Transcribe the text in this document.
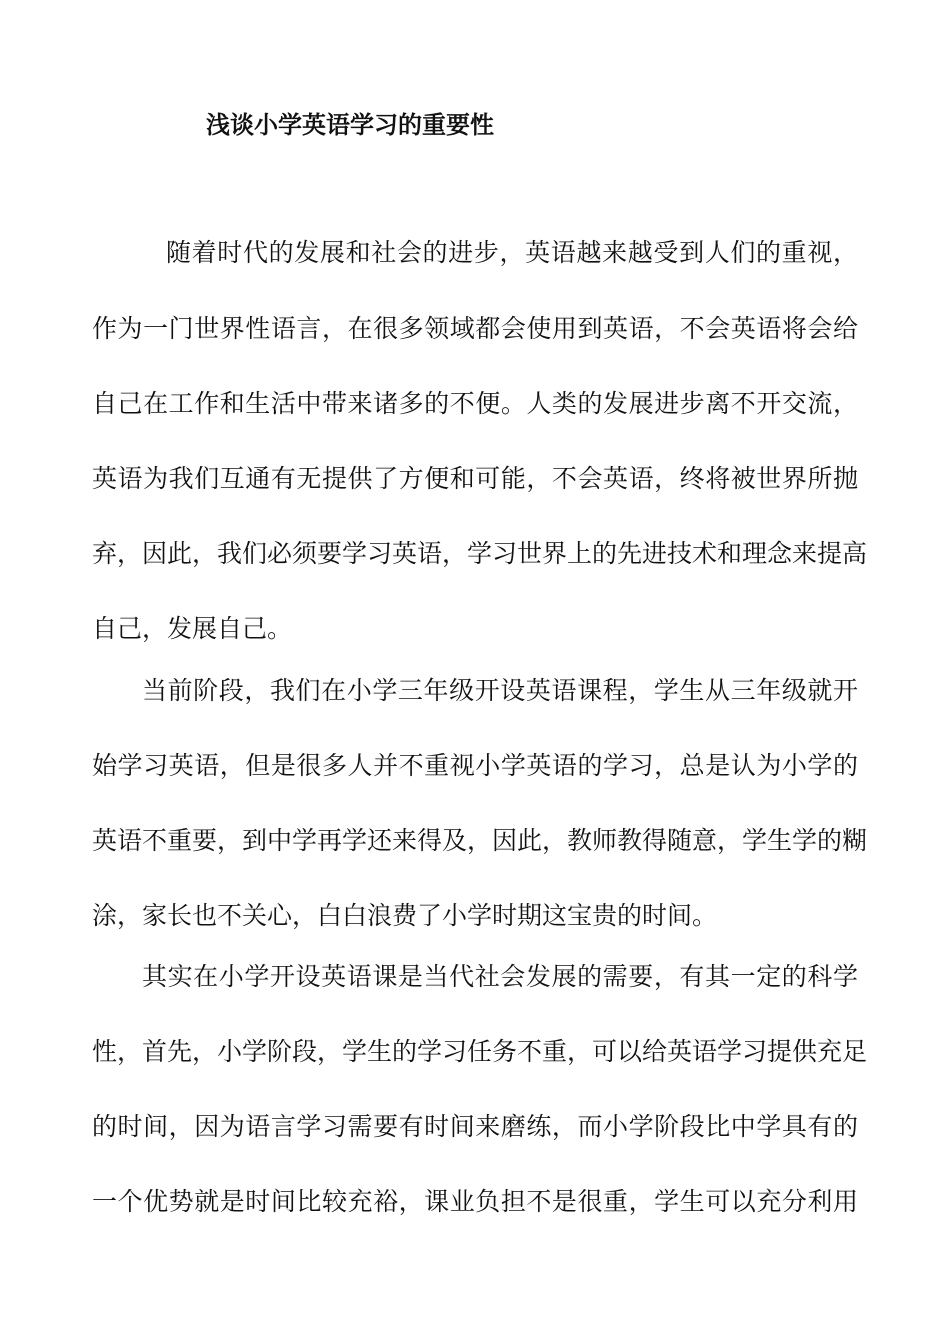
浅谈小学英语学习的重要性
随着时代的发展和社会的进步，英语越来越受到人们的重视，
作为一门世界性语言，在很多领域都会使用到英语，不会英语将会给
自己在工作和生活中带来诸多的不便。人类的发展进步离不开交流，
英语为我们互通有无提供了方便和可能，不会英语，终将被世界所抛
弃，因此，我们必须要学习英语，学习世界上的先进技术和理念来提高
自己，发展自己。
当前阶段，我们在小学三年级开设英语课程，学生从三年级就开
始学习英语，但是很多人并不重视小学英语的学习，总是认为小学的
英语不重要，到中学再学还来得及，因此，教师教得随意，学生学的糊
涂，家长也不关心，白白浪费了小学时期这宝贵的时间。
其实在小学开设英语课是当代社会发展的需要，有其一定的科学
性，首先，小学阶段，学生的学习任务不重，可以给英语学习提供充足
的时间，因为语言学习需要有时间来磨练，而小学阶段比中学具有的
一个优势就是时间比较充裕，课业负担不是很重，学生可以充分利用
